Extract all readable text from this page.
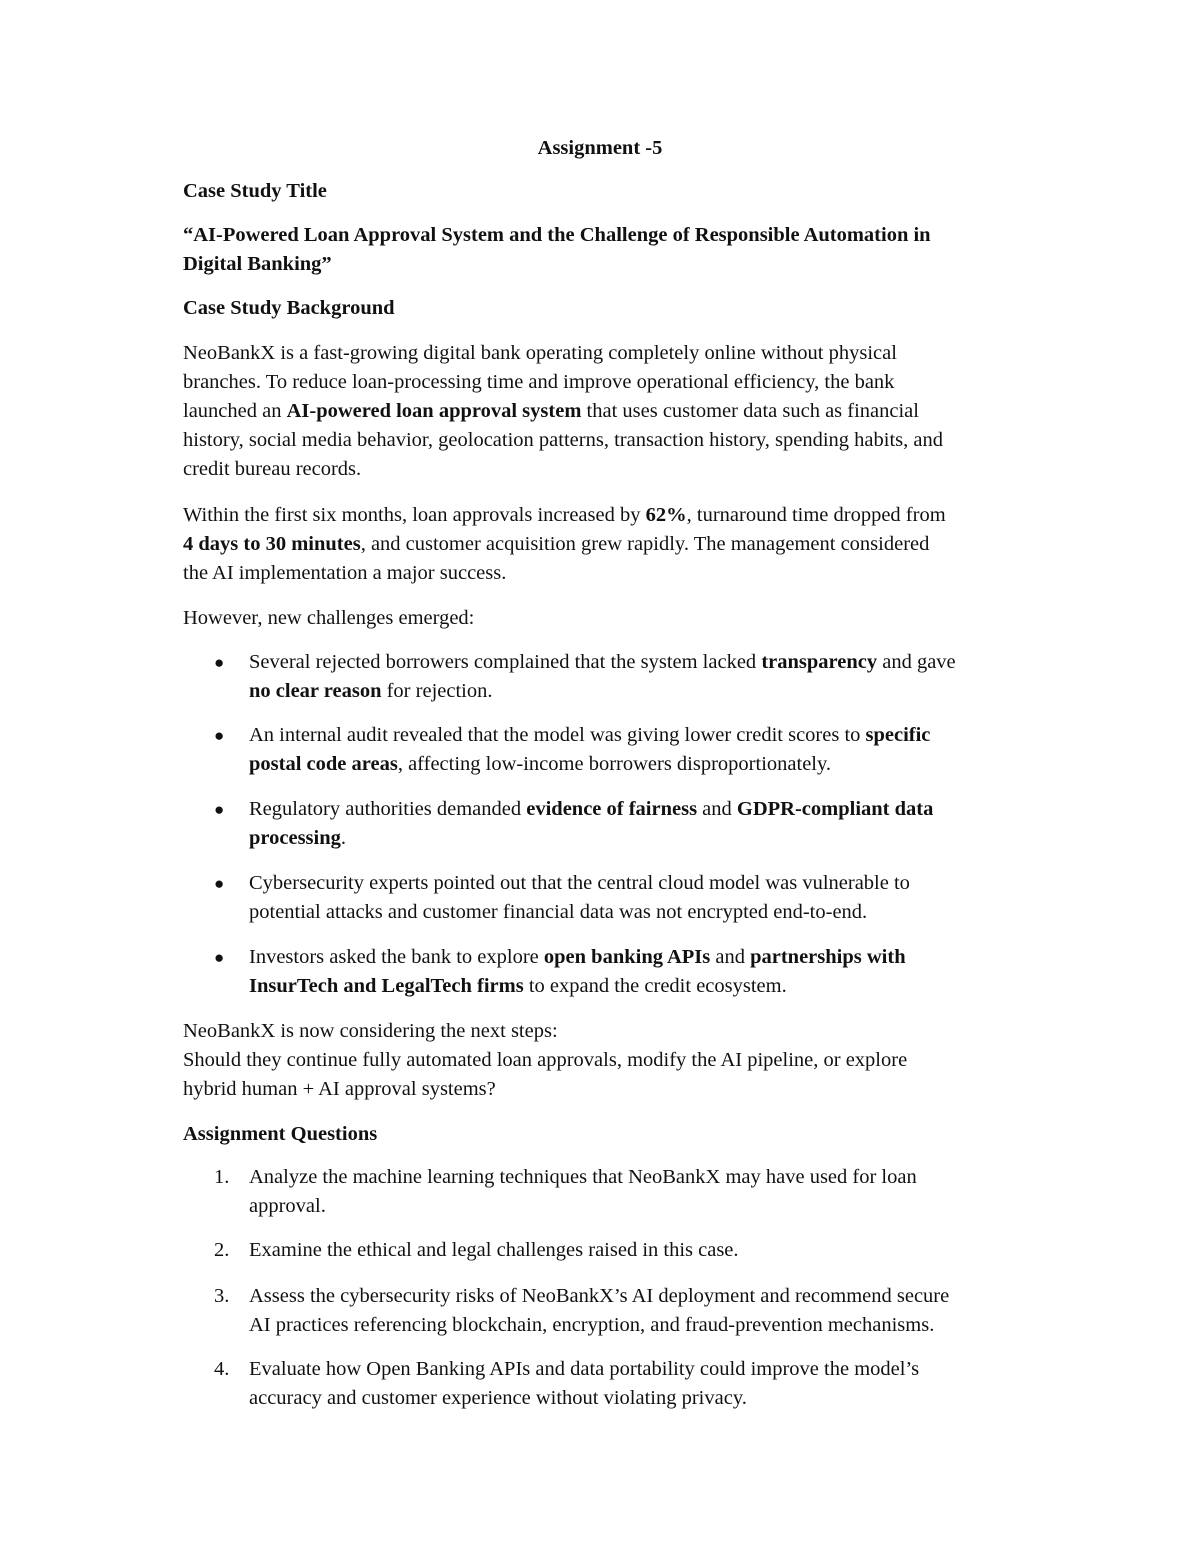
Assignment -5
Case Study Title
“AI-Powered Loan Approval System and the Challenge of Responsible Automation in
Digital Banking”
Case Study Background
NeoBankX is a fast-growing digital bank operating completely online without physical
branches. To reduce loan-processing time and improve operational efficiency, the bank
launched an AI-powered loan approval system that uses customer data such as financial
history, social media behavior, geolocation patterns, transaction history, spending habits, and
credit bureau records.
Within the first six months, loan approvals increased by 62%, turnaround time dropped from
4 days to 30 minutes, and customer acquisition grew rapidly. The management considered
the AI implementation a major success.
However, new challenges emerged:
● Several rejected borrowers complained that the system lacked transparency and gave
no clear reason for rejection.
● An internal audit revealed that the model was giving lower credit scores to specific
postal code areas, affecting low-income borrowers disproportionately.
● Regulatory authorities demanded evidence of fairness and GDPR-compliant data
processing.
● Cybersecurity experts pointed out that the central cloud model was vulnerable to
potential attacks and customer financial data was not encrypted end-to-end.
● Investors asked the bank to explore open banking APIs and partnerships with
InsurTech and LegalTech firms to expand the credit ecosystem.
NeoBankX is now considering the next steps:
Should they continue fully automated loan approvals, modify the AI pipeline, or explore
hybrid human + AI approval systems?
Assignment Questions
1. Analyze the machine learning techniques that NeoBankX may have used for loan
approval.
2. Examine the ethical and legal challenges raised in this case.
3. Assess the cybersecurity risks of NeoBankX’s AI deployment and recommend secure
AI practices referencing blockchain, encryption, and fraud-prevention mechanisms.
4. Evaluate how Open Banking APIs and data portability could improve the model’s
accuracy and customer experience without violating privacy.
